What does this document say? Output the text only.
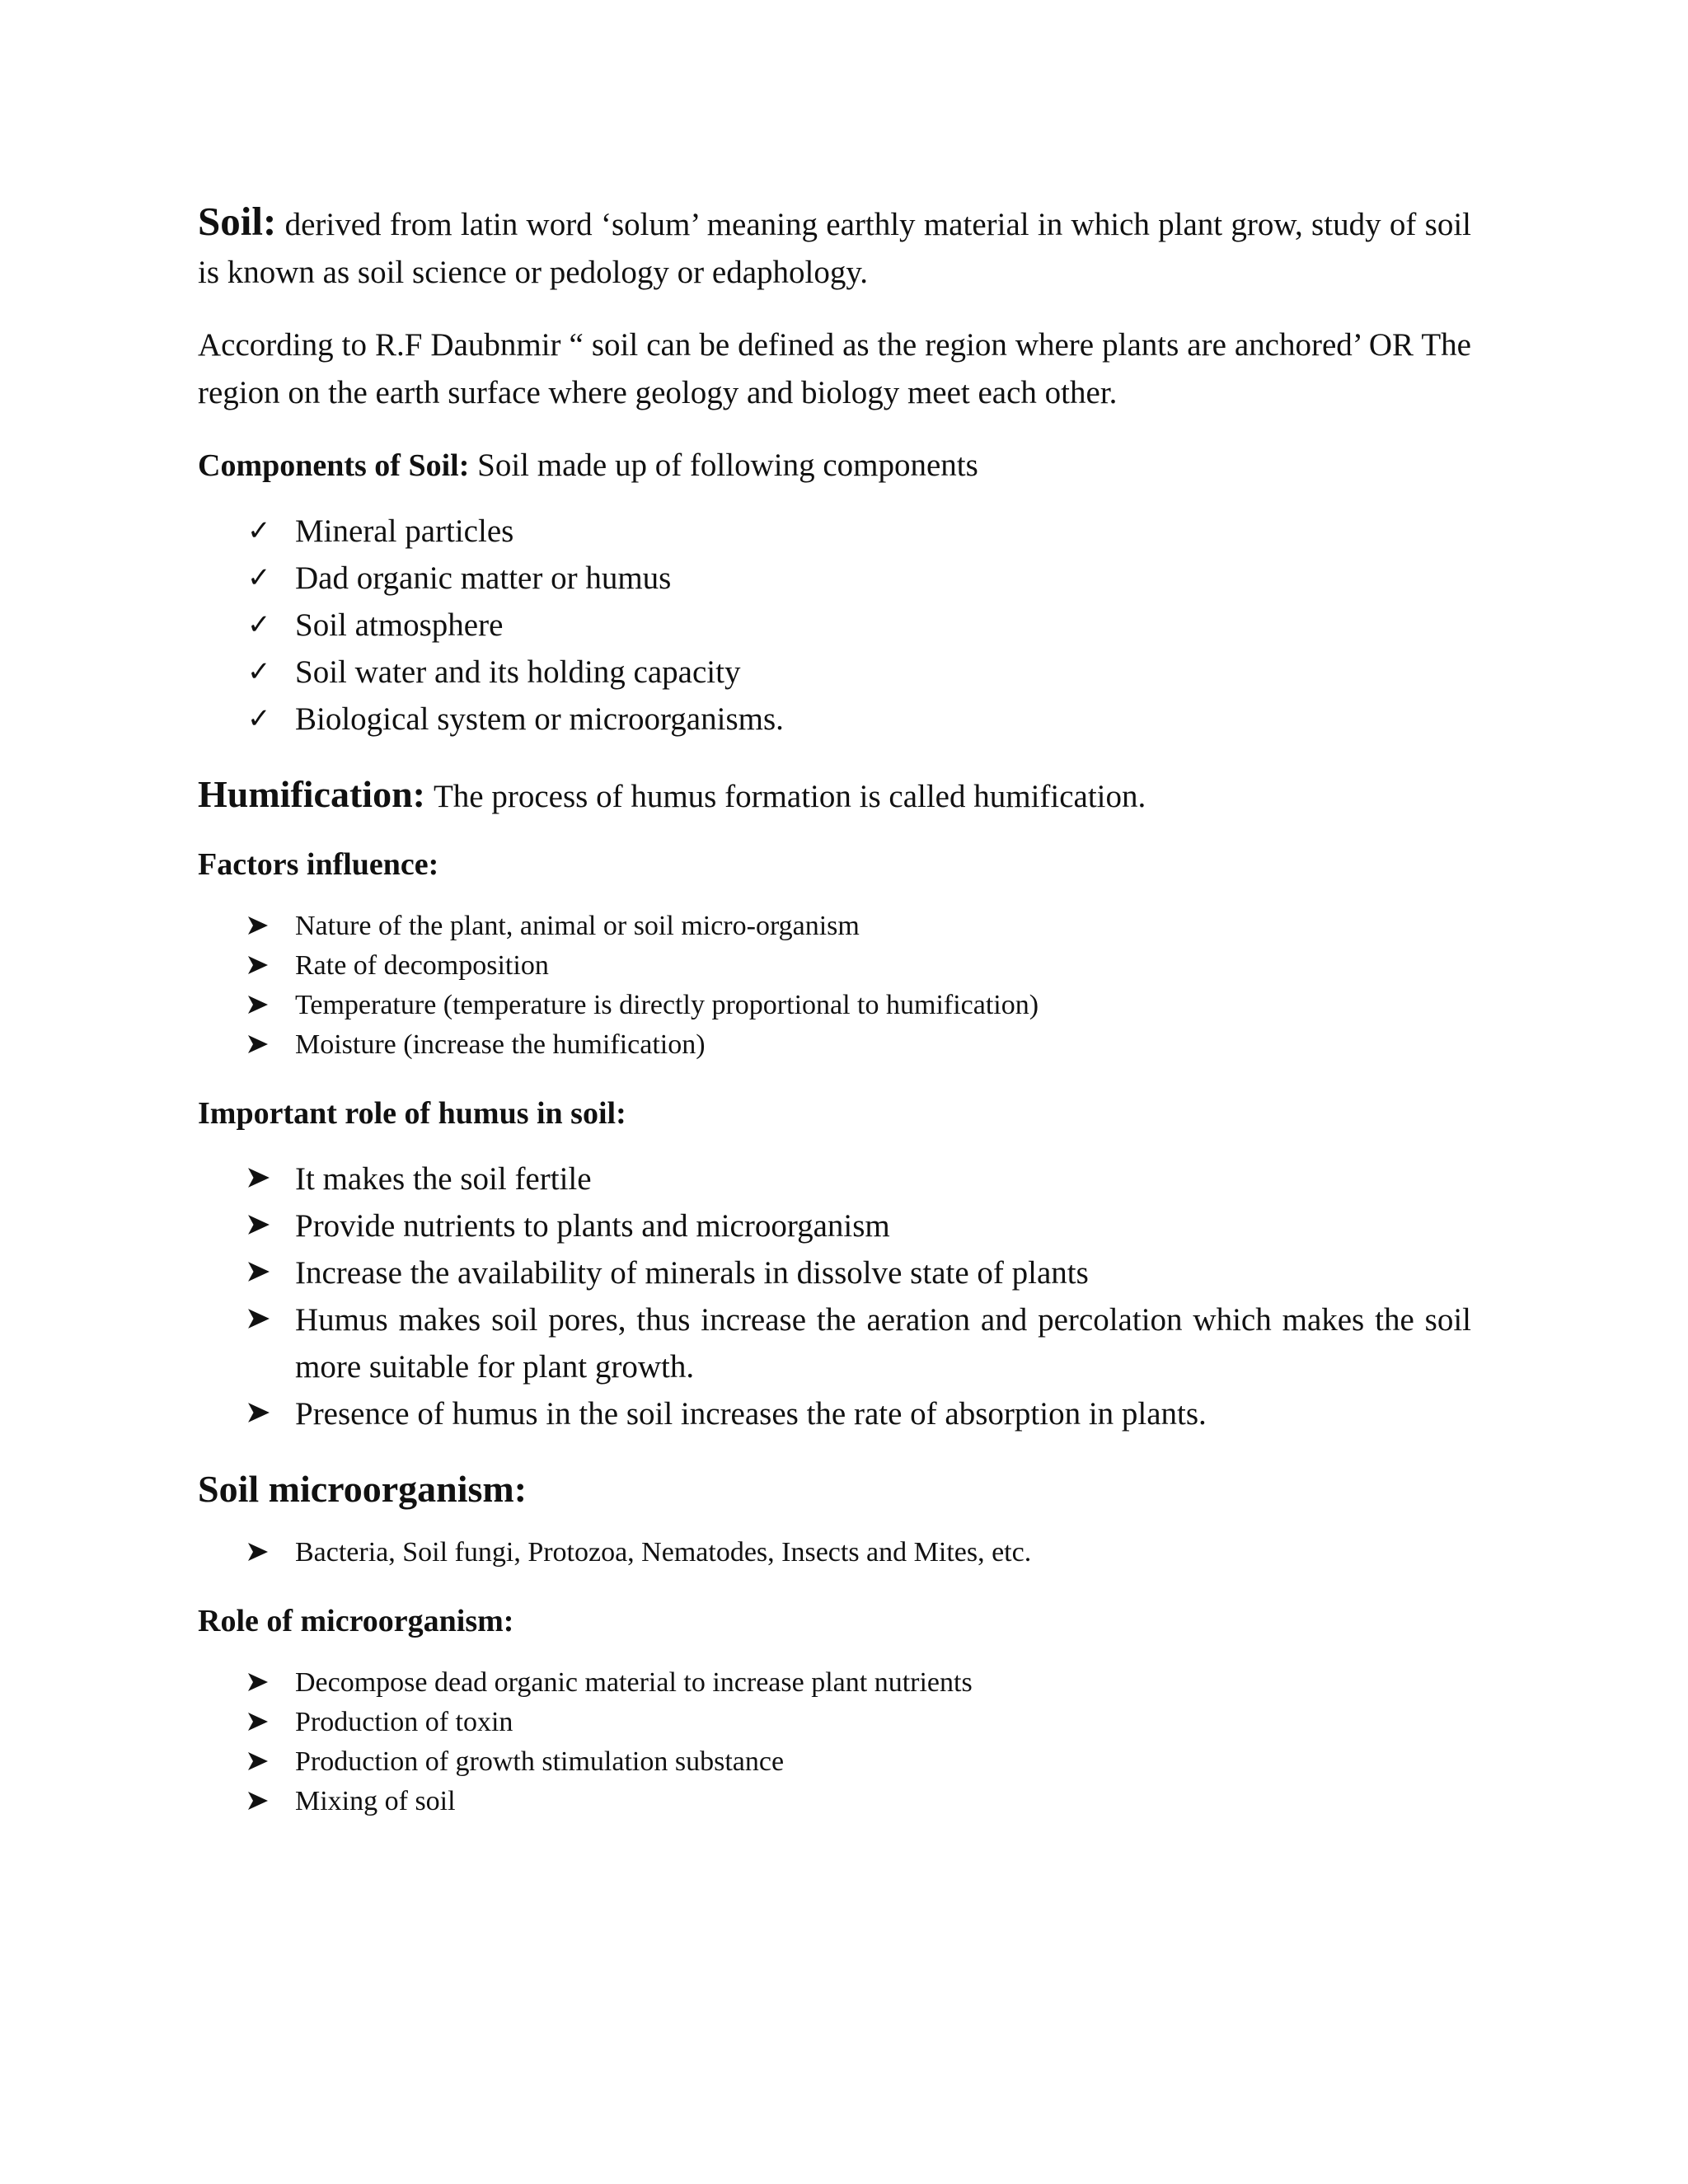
Soil: derived from latin word ‘solum’ meaning earthly material in which plant grow, study of soil is known as soil science or pedology or edaphology.

According to R.F Daubnmir “ soil can be defined as the region where plants are anchored’ OR The region on the earth surface where geology and biology meet each other.

Components of Soil: Soil made up of following components

✓ Mineral particles
✓ Dad organic matter or humus
✓ Soil atmosphere
✓ Soil water and its holding capacity
✓ Biological system or microorganisms.

Humification: The process of humus formation is called humification.

Factors influence:

Nature of the plant, animal or soil micro-organism
Rate of decomposition
Temperature (temperature is directly proportional to humification)
Moisture (increase the humification)

Important role of humus in soil:

It makes the soil fertile
Provide nutrients to plants and microorganism
Increase the availability of minerals in dissolve state of plants
Humus makes soil pores, thus increase the aeration and percolation which makes the soil more suitable for plant growth.
Presence of humus in the soil increases the rate of absorption in plants.

Soil microorganism:

Bacteria, Soil fungi, Protozoa, Nematodes, Insects and Mites, etc.

Role of microorganism:

Decompose dead organic material to increase plant nutrients
Production of toxin
Production of growth stimulation substance
Mixing of soil
